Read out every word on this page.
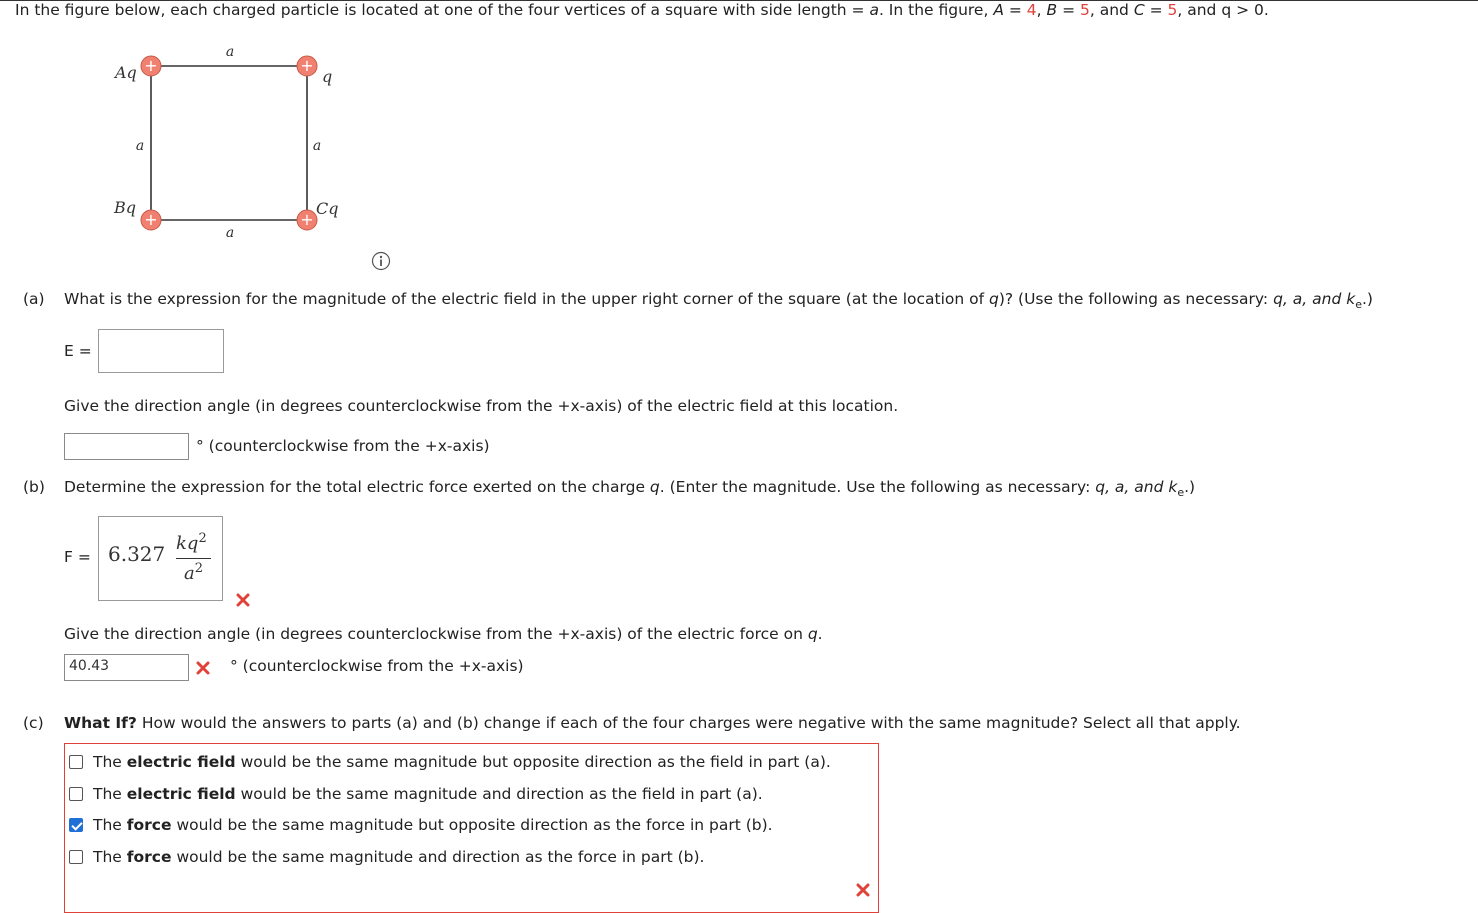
In the figure below, each charged particle is located at one of the four vertices of a square with side length = a. In the figure, A = 4, B = 5, and C = 5, and q > 0.
+	+
+	+
a
a	a
a
Aq	q
Bq	Cq
(a) What is the expression for the magnitude of the electric field in the upper right corner of the square (at the location of q)? (Use the following as necessary: q, a, and $k_e$.)
E =
Give the direction angle (in degrees counterclockwise from the +x-axis) of the electric field at this location.
° (counterclockwise from the +x-axis)
(b) Determine the expression for the total electric force exerted on the charge q. (Enter the magnitude. Use the following as necessary: q, a, and $k_e$.)
F = 6.327 $kq^2$
$a^2$
Give the direction angle (in degrees counterclockwise from the +x-axis) of the electric force on q.
40.43	° (counterclockwise from the +x-axis)
(c) What If? How would the answers to parts (a) and (b) change if each of the four charges were negative with the same magnitude? Select all that apply.
The electric field would be the same magnitude but opposite direction as the field in part (a).
The electric field would be the same magnitude and direction as the field in part (a).
The force would be the same magnitude but opposite direction as the force in part (b).
The force would be the same magnitude and direction as the force in part (b).
